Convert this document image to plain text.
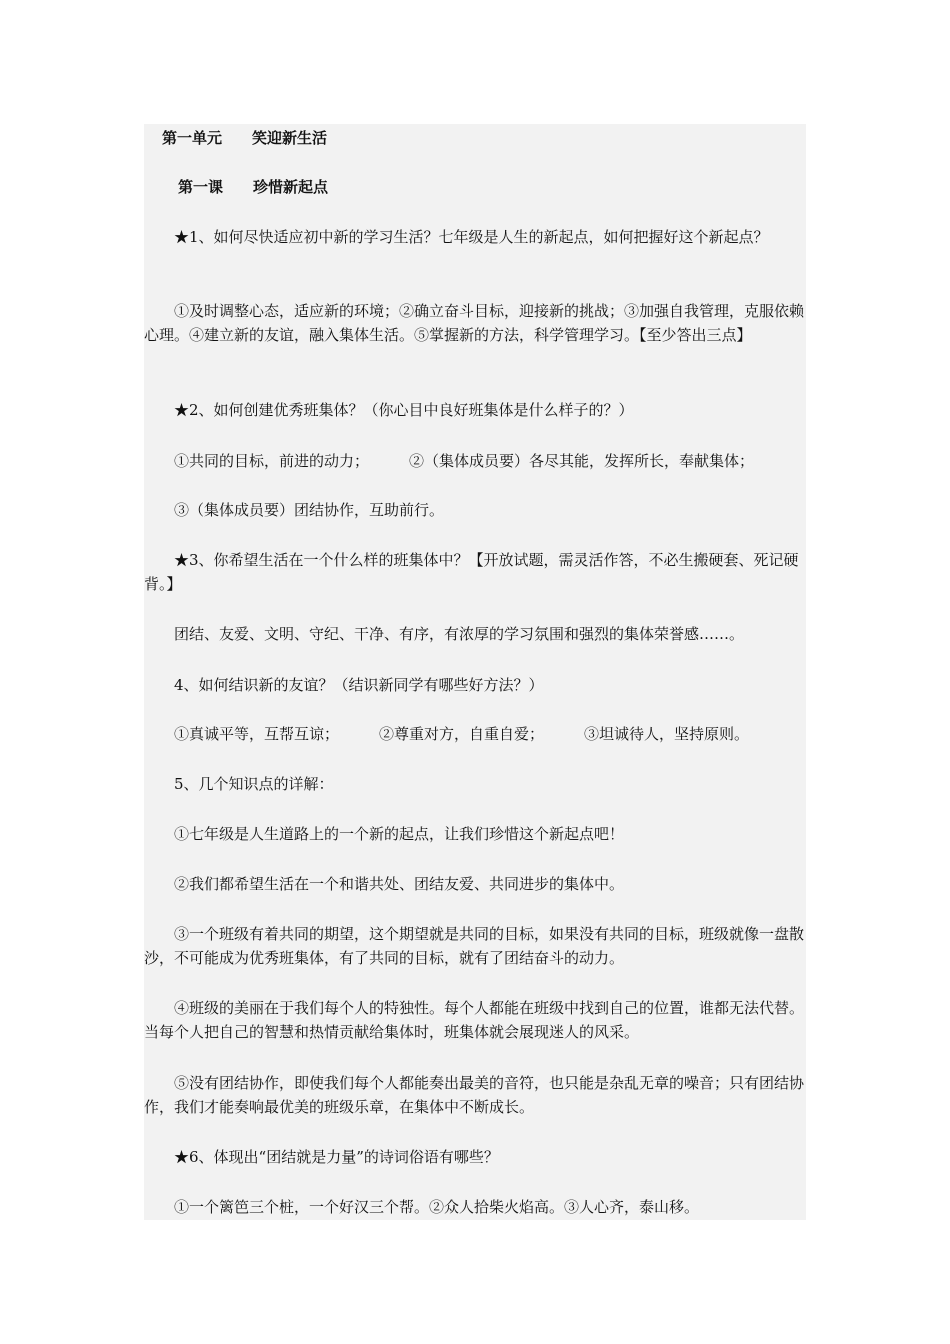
第一单元 笑迎新生活

第一课 珍惜新起点

★1、如何尽快适应初中新的学习生活？七年级是人生的新起点，如何把握好这个新起点？

①及时调整心态，适应新的环境；②确立奋斗目标，迎接新的挑战；③加强自我管理，克服依赖心理。④建立新的友谊，融入集体生活。⑤掌握新的方法，科学管理学习。【至少答出三点】

★2、如何创建优秀班集体？（你心目中良好班集体是什么样子的？）

①共同的目标，前进的动力；	②（集体成员要）各尽其能，发挥所长，奉献集体；

③（集体成员要）团结协作，互助前行。

★3、你希望生活在一个什么样的班集体中？【开放试题，需灵活作答，不必生搬硬套、死记硬背。】

团结、友爱、文明、守纪、干净、有序，有浓厚的学习氛围和强烈的集体荣誉感……。

4、如何结识新的友谊？（结识新同学有哪些好方法？）

①真诚平等，互帮互谅；	②尊重对方，自重自爱；	③坦诚待人，坚持原则。

5、几个知识点的详解：

①七年级是人生道路上的一个新的起点，让我们珍惜这个新起点吧！

②我们都希望生活在一个和谐共处、团结友爱、共同进步的集体中。

③一个班级有着共同的期望，这个期望就是共同的目标，如果没有共同的目标，班级就像一盘散沙，不可能成为优秀班集体，有了共同的目标，就有了团结奋斗的动力。

④班级的美丽在于我们每个人的特独性。每个人都能在班级中找到自己的位置，谁都无法代替。当每个人把自己的智慧和热情贡献给集体时，班集体就会展现迷人的风采。

⑤没有团结协作，即使我们每个人都能奏出最美的音符，也只能是杂乱无章的噪音；只有团结协作，我们才能奏响最优美的班级乐章，在集体中不断成长。

★6、体现出“团结就是力量”的诗词俗语有哪些？

①一个篱笆三个桩，一个好汉三个帮。②众人拾柴火焰高。③人心齐，泰山移。
